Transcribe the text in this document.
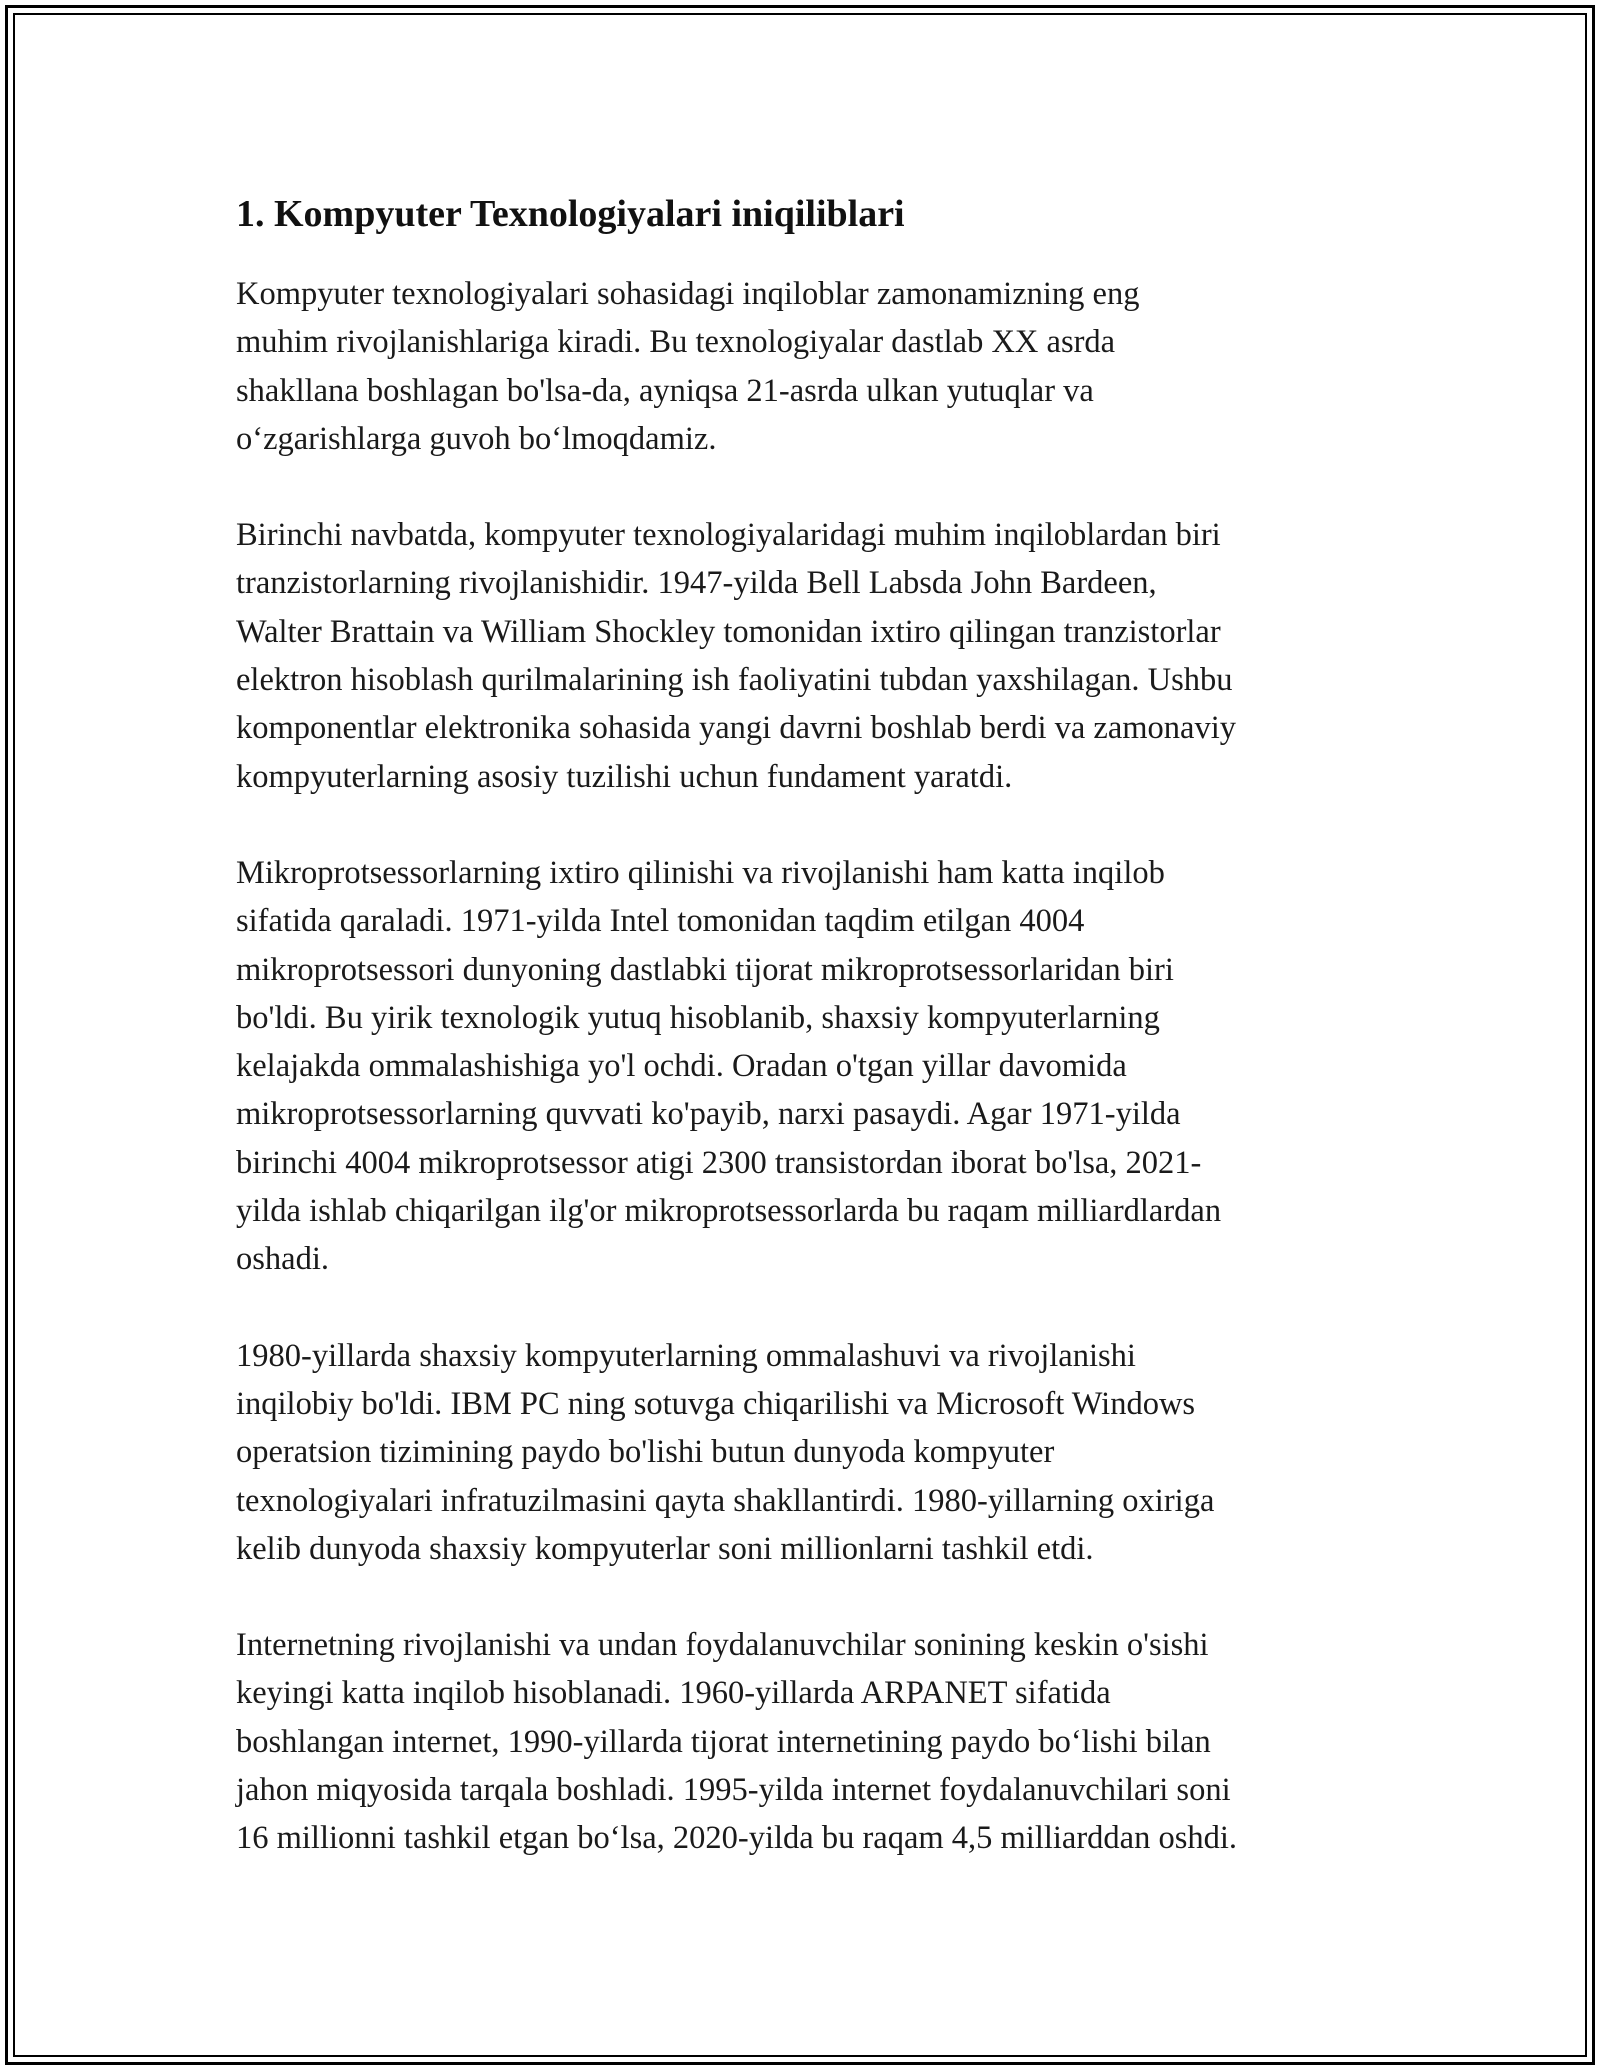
1. Kompyuter Texnologiyalari iniqiliblari

Kompyuter texnologiyalari sohasidagi inqiloblar zamonamizning eng
muhim rivojlanishlariga kiradi. Bu texnologiyalar dastlab XX asrda
shakllana boshlagan bo'lsa-da, ayniqsa 21-asrda ulkan yutuqlar va
o‘zgarishlarga guvoh bo‘lmoqdamiz.

Birinchi navbatda, kompyuter texnologiyalaridagi muhim inqiloblardan biri
tranzistorlarning rivojlanishidir. 1947-yilda Bell Labsda John Bardeen,
Walter Brattain va William Shockley tomonidan ixtiro qilingan tranzistorlar
elektron hisoblash qurilmalarining ish faoliyatini tubdan yaxshilagan. Ushbu
komponentlar elektronika sohasida yangi davrni boshlab berdi va zamonaviy
kompyuterlarning asosiy tuzilishi uchun fundament yaratdi.

Mikroprotsessorlarning ixtiro qilinishi va rivojlanishi ham katta inqilob
sifatida qaraladi. 1971-yilda Intel tomonidan taqdim etilgan 4004
mikroprotsessori dunyoning dastlabki tijorat mikroprotsessorlaridan biri
bo'ldi. Bu yirik texnologik yutuq hisoblanib, shaxsiy kompyuterlarning
kelajakda ommalashishiga yo'l ochdi. Oradan o'tgan yillar davomida
mikroprotsessorlarning quvvati ko'payib, narxi pasaydi. Agar 1971-yilda
birinchi 4004 mikroprotsessor atigi 2300 transistordan iborat bo'lsa, 2021-
yilda ishlab chiqarilgan ilg'or mikroprotsessorlarda bu raqam milliardlardan
oshadi.

1980-yillarda shaxsiy kompyuterlarning ommalashuvi va rivojlanishi
inqilobiy bo'ldi. IBM PC ning sotuvga chiqarilishi va Microsoft Windows
operatsion tizimining paydo bo'lishi butun dunyoda kompyuter
texnologiyalari infratuzilmasini qayta shakllantirdi. 1980-yillarning oxiriga
kelib dunyoda shaxsiy kompyuterlar soni millionlarni tashkil etdi.

Internetning rivojlanishi va undan foydalanuvchilar sonining keskin o'sishi
keyingi katta inqilob hisoblanadi. 1960-yillarda ARPANET sifatida
boshlangan internet, 1990-yillarda tijorat internetining paydo bo‘lishi bilan
jahon miqyosida tarqala boshladi. 1995-yilda internet foydalanuvchilari soni
16 millionni tashkil etgan bo‘lsa, 2020-yilda bu raqam 4,5 milliarddan oshdi.
